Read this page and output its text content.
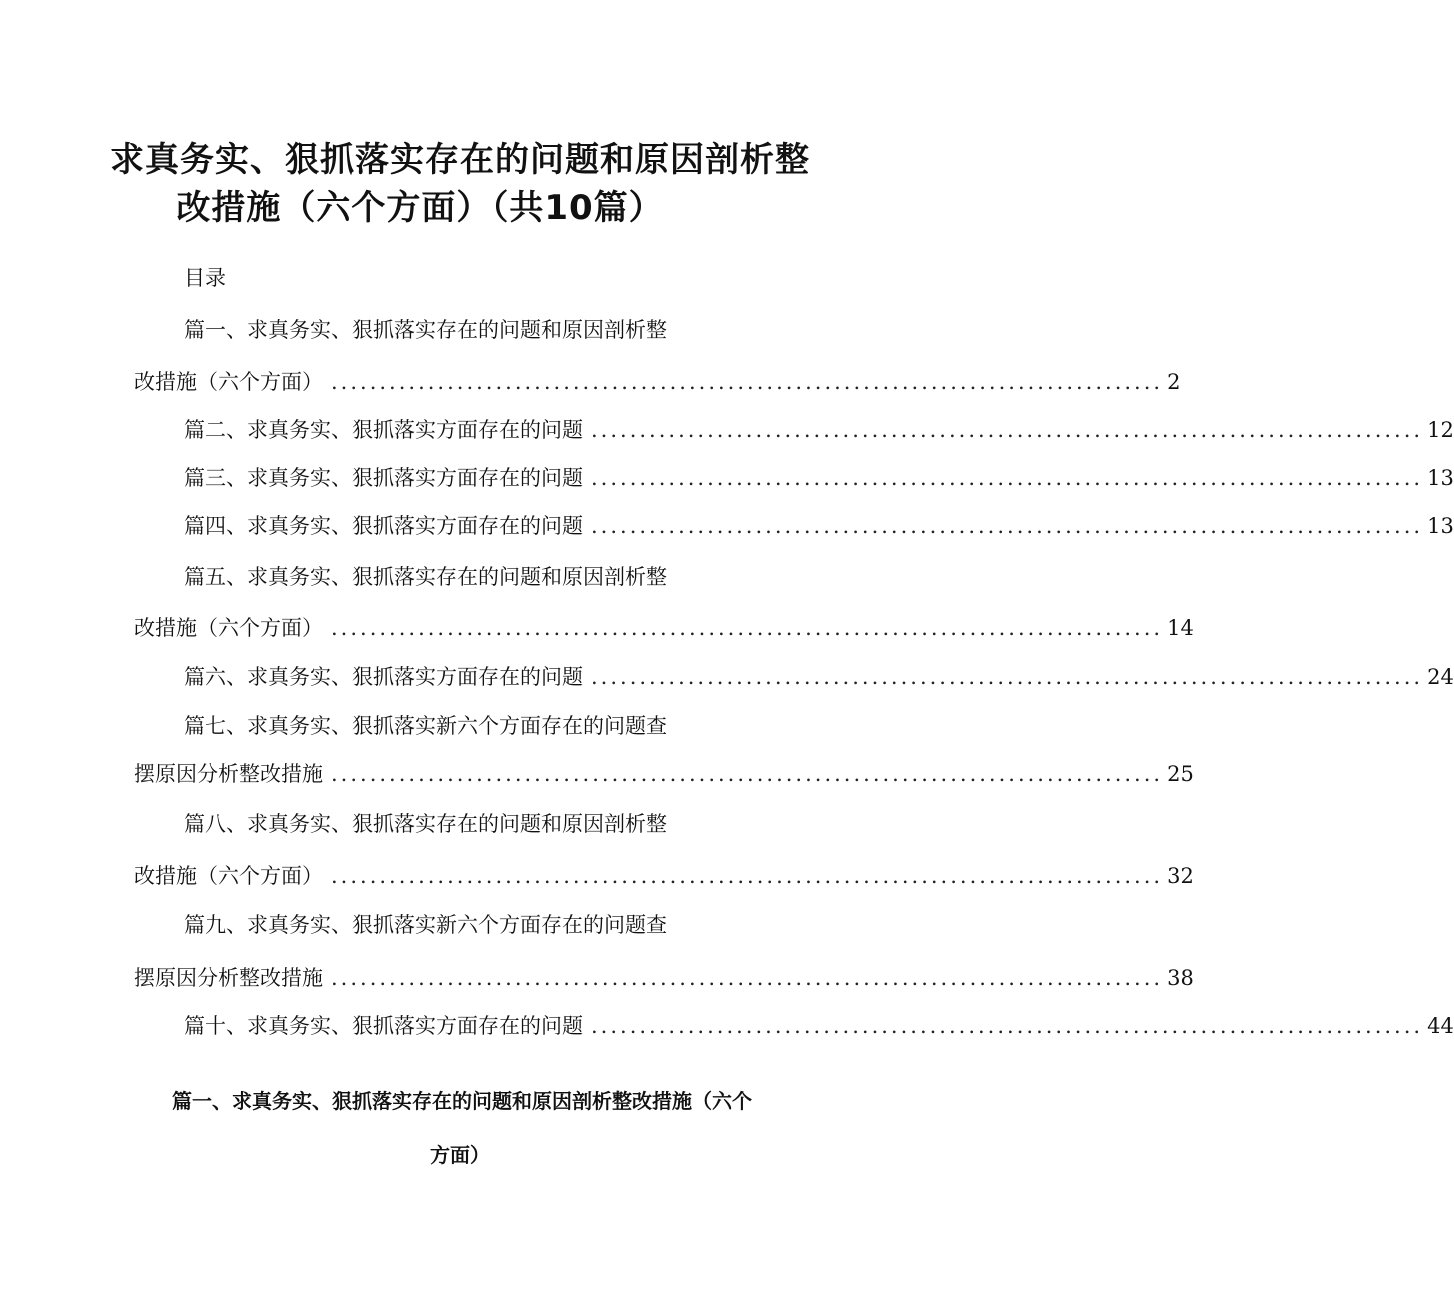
求真务实、狠抓落实存在的问题和原因剖析整
改措施（六个方面）（共10篇）
目录
篇一、求真务实、狠抓落实存在的问题和原因剖析整
改措施（六个方面） ...................................................................................... 2
篇二、求真务实、狠抓落实方面存在的问题 ...................................................................................... 12
篇三、求真务实、狠抓落实方面存在的问题 ...................................................................................... 13
篇四、求真务实、狠抓落实方面存在的问题 ...................................................................................... 13
篇五、求真务实、狠抓落实存在的问题和原因剖析整
改措施（六个方面） ...................................................................................... 14
篇六、求真务实、狠抓落实方面存在的问题 ...................................................................................... 24
篇七、求真务实、狠抓落实新六个方面存在的问题查
摆原因分析整改措施 ...................................................................................... 25
篇八、求真务实、狠抓落实存在的问题和原因剖析整
改措施（六个方面） ...................................................................................... 32
篇九、求真务实、狠抓落实新六个方面存在的问题查
摆原因分析整改措施 ...................................................................................... 38
篇十、求真务实、狠抓落实方面存在的问题 ...................................................................................... 44
篇一、求真务实、狠抓落实存在的问题和原因剖析整改措施（六个
方面）
